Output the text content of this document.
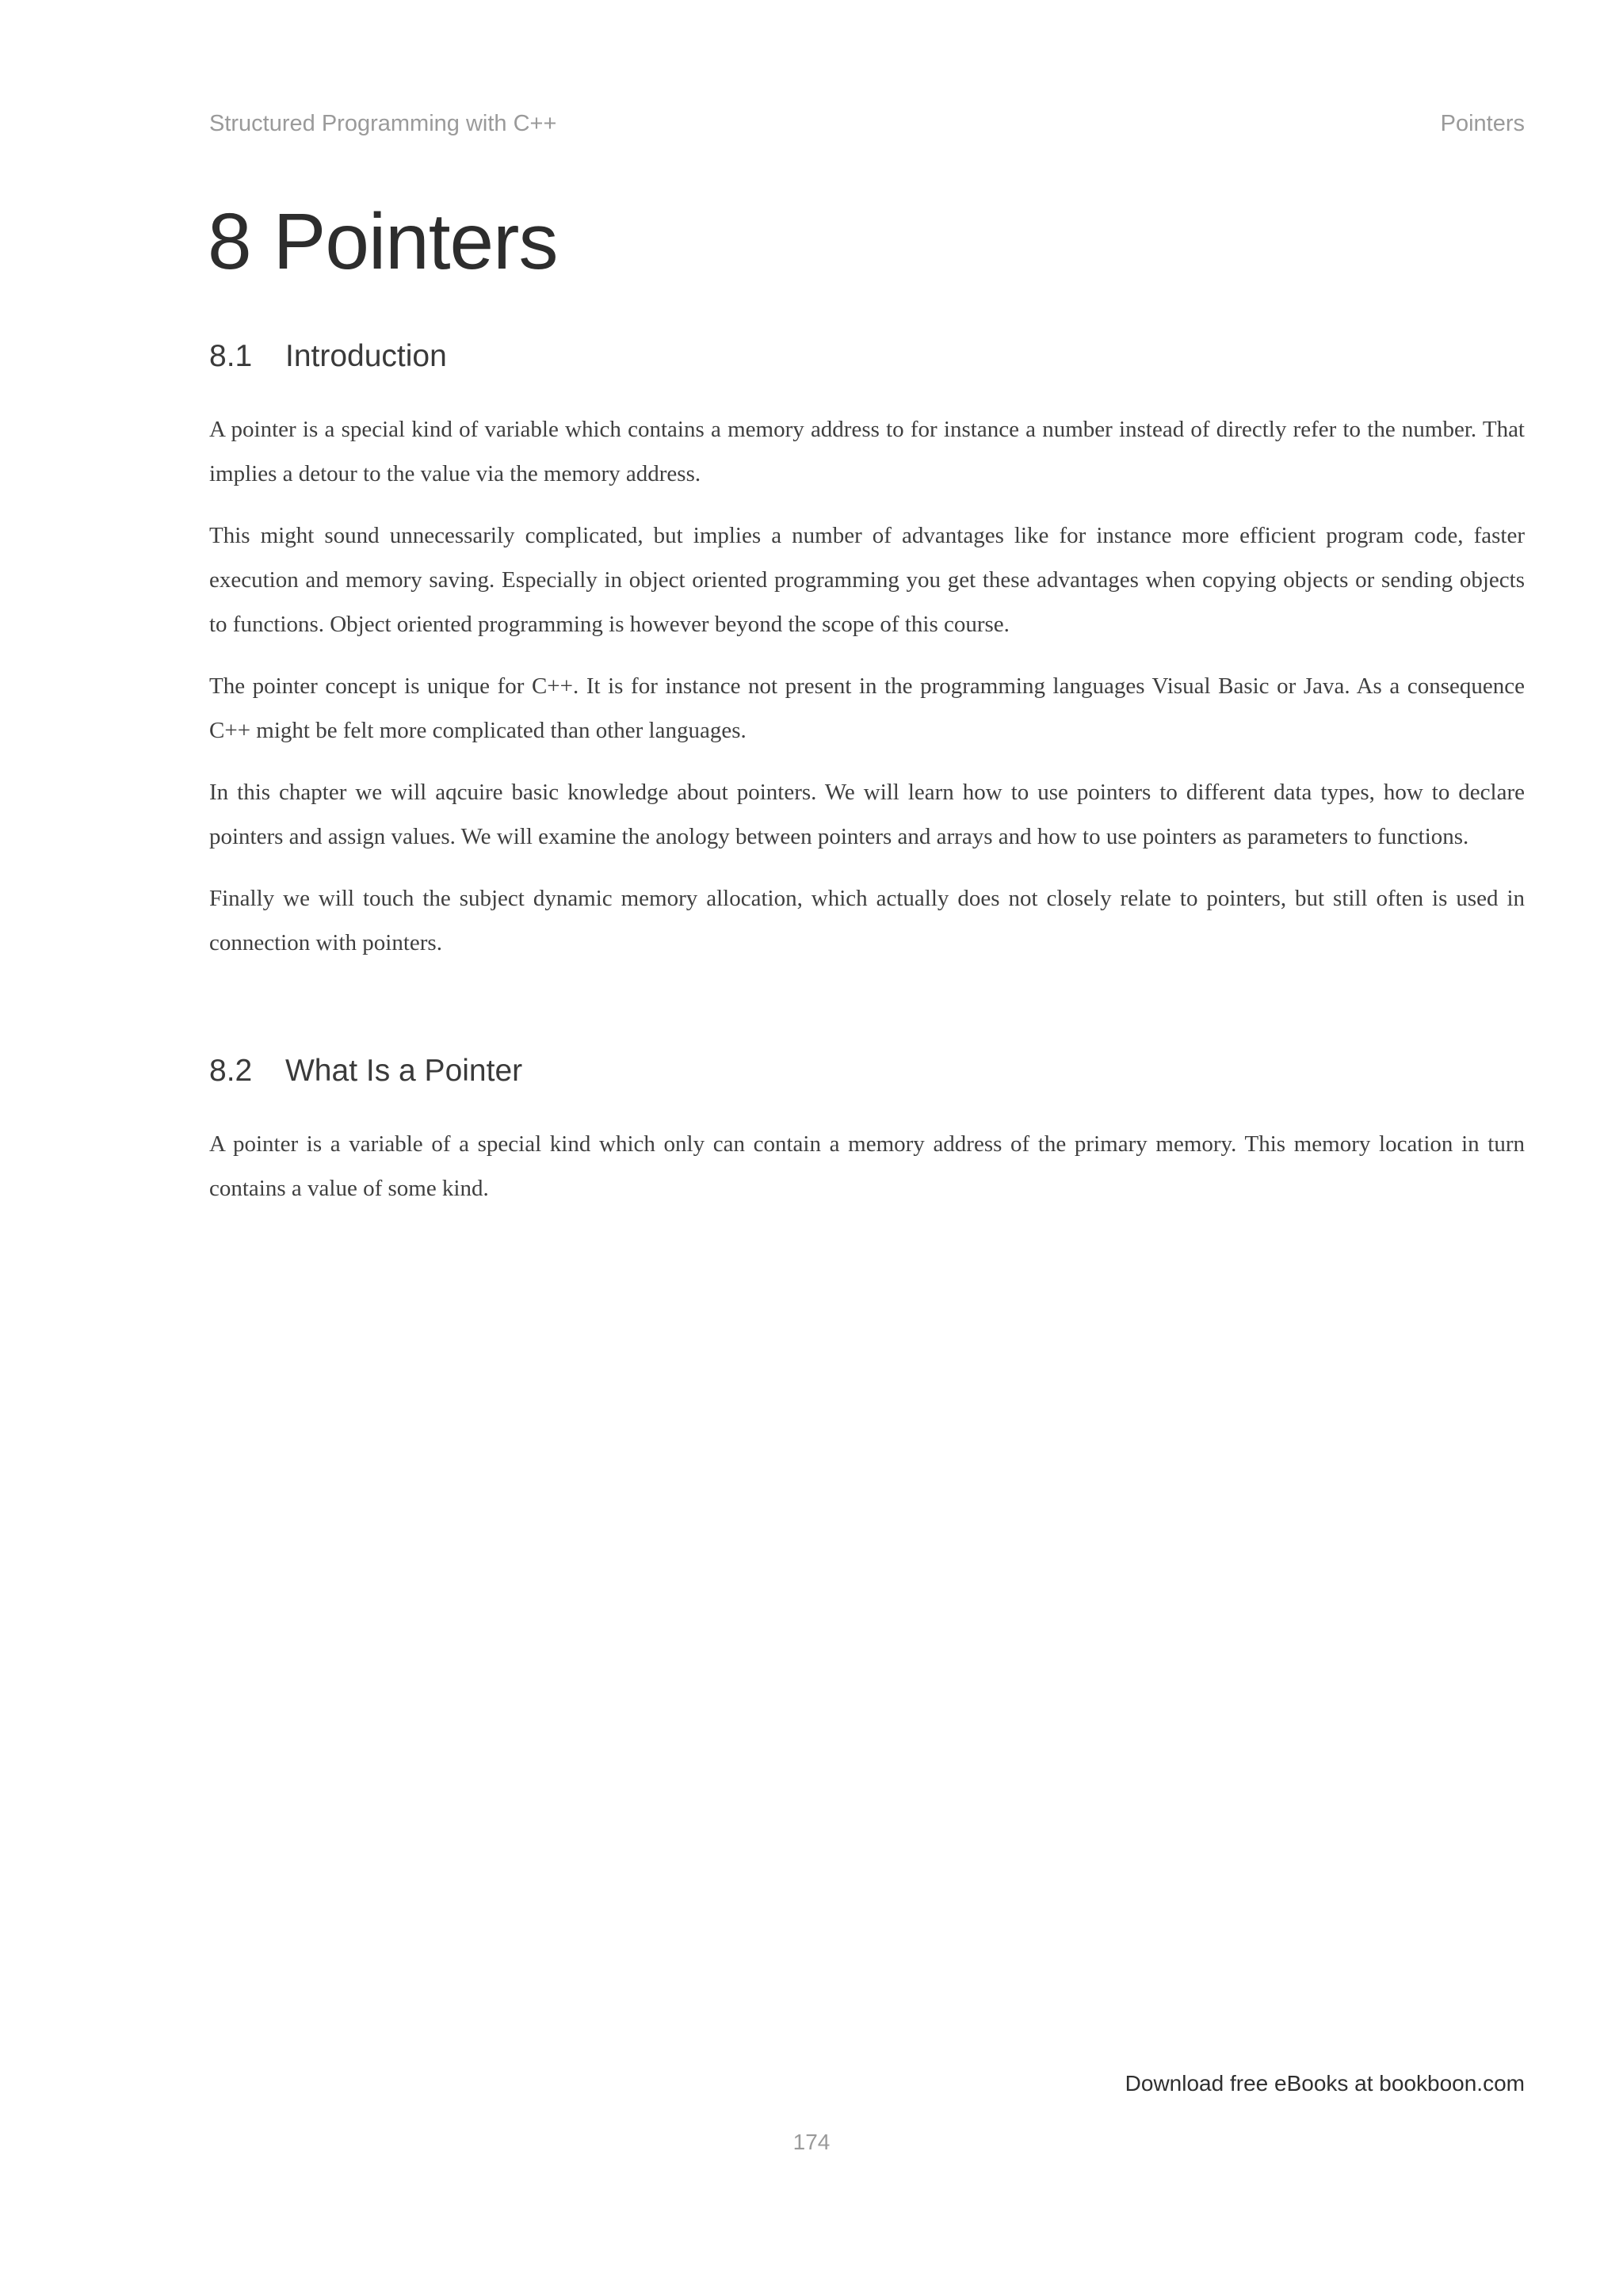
Structured Programming with C++	Pointers
8 Pointers
8.1 Introduction

A pointer is a special kind of variable which contains a memory address to for instance a number instead of directly refer to the number. That implies a detour to the value via the memory address.

This might sound unnecessarily complicated, but implies a number of advantages like for instance more efficient program code, faster execution and memory saving. Especially in object oriented programming you get these advantages when copying objects or sending objects to functions. Object oriented programming is however beyond the scope of this course.

The pointer concept is unique for C++. It is for instance not present in the programming languages Visual Basic or Java. As a consequence C++ might be felt more complicated than other languages.

In this chapter we will aqcuire basic knowledge about pointers. We will learn how to use pointers to different data types, how to declare pointers and assign values. We will examine the anology between pointers and arrays and how to use pointers as parameters to functions.

Finally we will touch the subject dynamic memory allocation, which actually does not closely relate to pointers, but still often is used in connection with pointers.

8.2 What Is a Pointer

A pointer is a variable of a special kind which only can contain a memory address of the primary memory. This memory location in turn contains a value of some kind.

Download free eBooks at bookboon.com
174
